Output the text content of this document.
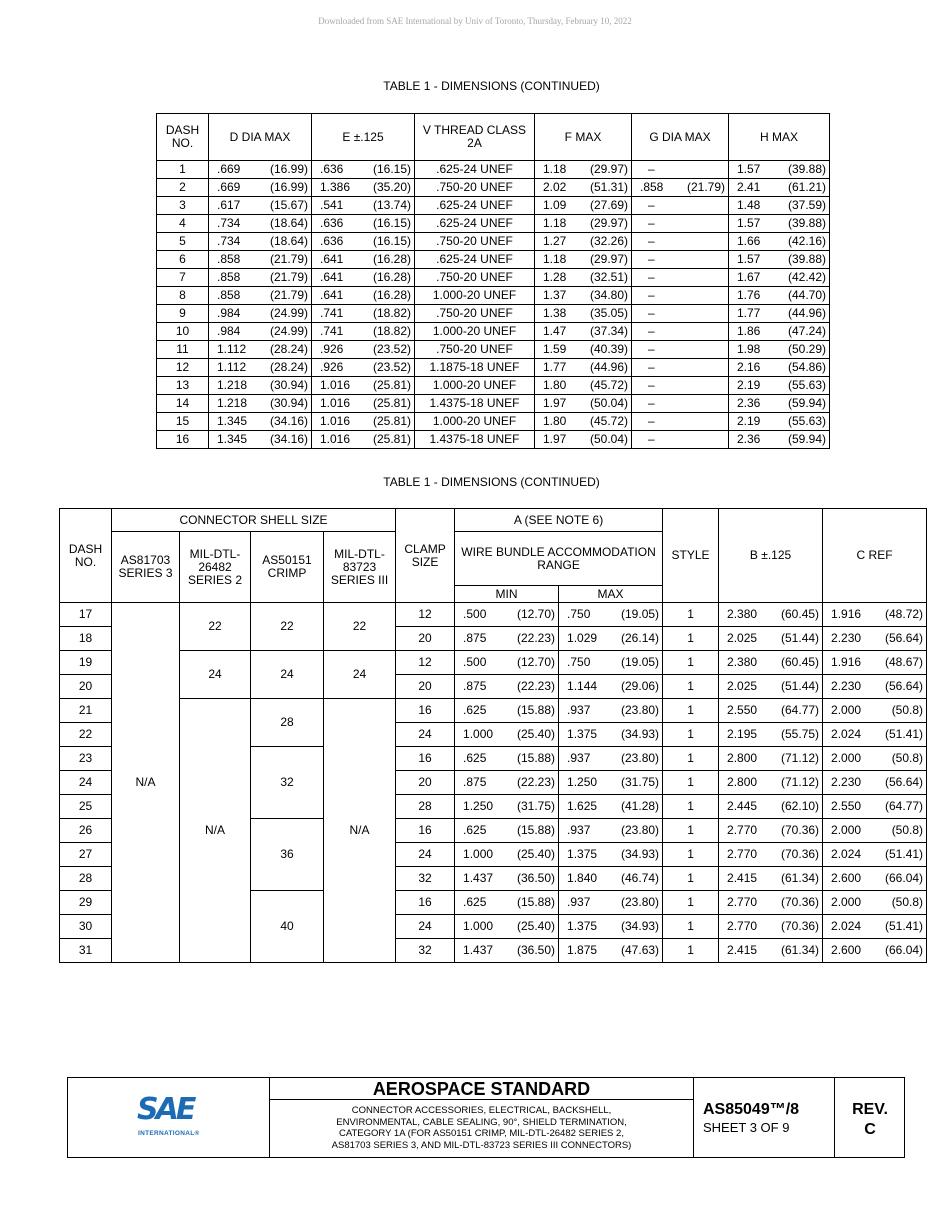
Downloaded from SAE International by Univ of Toronto, Thursday, February 10, 2022
TABLE 1 - DIMENSIONS (CONTINUED)
DASH NO.	D DIA MAX	E ±.125	V THREAD CLASS 2A	F MAX	G DIA MAX	H MAX
1	.669 (16.99)	.636 (16.15)	.625-24 UNEF	1.18 (29.97)	–	1.57 (39.88)

2	.669 (16.99)	1.386 (35.20)	.750-20 UNEF	2.02 (51.31)	.858 (21.79)	2.41 (61.21)

3	.617 (15.67)	.541 (13.74)	.625-24 UNEF	1.09 (27.69)	–	1.48 (37.59)

4	.734 (18.64)	.636 (16.15)	.625-24 UNEF	1.18 (29.97)	–	1.57 (39.88)

5	.734 (18.64)	.636 (16.15)	.750-20 UNEF	1.27 (32.26)	–	1.66 (42.16)

6	.858 (21.79)	.641 (16.28)	.625-24 UNEF	1.18 (29.97)	–	1.57 (39.88)

7	.858 (21.79)	.641 (16.28)	.750-20 UNEF	1.28 (32.51)	–	1.67 (42.42)

8	.858 (21.79)	.641 (16.28)	1.000-20 UNEF	1.37 (34.80)	–	1.76 (44.70)

9	.984 (24.99)	.741 (18.82)	.750-20 UNEF	1.38 (35.05)	–	1.77 (44.96)

10	.984 (24.99)	.741 (18.82)	1.000-20 UNEF	1.47 (37.34)	–	1.86 (47.24)

11	1.112 (28.24)	.926 (23.52)	.750-20 UNEF	1.59 (40.39)	–	1.98 (50.29)

12	1.112 (28.24)	.926 (23.52)	1.1875-18 UNEF	1.77 (44.96)	–	2.16 (54.86)

13	1.218 (30.94)	1.016 (25.81)	1.000-20 UNEF	1.80 (45.72)	–	2.19 (55.63)

14	1.218 (30.94)	1.016 (25.81)	1.4375-18 UNEF	1.97 (50.04)	–	2.36 (59.94)

15	1.345 (34.16)	1.016 (25.81)	1.000-20 UNEF	1.80 (45.72)	–	2.19 (55.63)

16	1.345 (34.16)	1.016 (25.81)	1.4375-18 UNEF	1.97 (50.04)	–	2.36 (59.94)
TABLE 1 - DIMENSIONS (CONTINUED)
DASH NO.	CONNECTOR SHELL SIZE				CLAMP SIZE	A (SEE NOTE 6)		STYLE	B ±.125	C REF
	AS81703 SERIES 3	MIL-DTL-26482 SERIES 2	AS50151 CRIMP	MIL-DTL-83723 SERIES III		WIRE BUNDLE ACCOMMODATION RANGE				
						MIN	MAX			
17	N/A	22	22	22	12	.500 (12.70)	.750 (19.05)	1	2.380 (60.45)	1.916 (48.72)

18					20	.875 (22.23)	1.029 (26.14)	1	2.025 (51.44)	2.230 (56.64)

19		24	24	24	12	.500 (12.70)	.750 (19.05)	1	2.380 (60.45)	1.916 (48.67)

20					20	.875 (22.23)	1.144 (29.06)	1	2.025 (51.44)	2.230 (56.64)

21		N/A	28	N/A	16	.625 (15.88)	.937 (23.80)	1	2.550 (64.77)	2.000 (50.8)

22					24	1.000 (25.40)	1.375 (34.93)	1	2.195 (55.75)	2.024 (51.41)

23			32		16	.625 (15.88)	.937 (23.80)	1	2.800 (71.12)	2.000 (50.8)

24					20	.875 (22.23)	1.250 (31.75)	1	2.800 (71.12)	2.230 (56.64)

25					28	1.250 (31.75)	1.625 (41.28)	1	2.445 (62.10)	2.550 (64.77)

26			36		16	.625 (15.88)	.937 (23.80)	1	2.770 (70.36)	2.000 (50.8)

27					24	1.000 (25.40)	1.375 (34.93)	1	2.770 (70.36)	2.024 (51.41)

28					32	1.437 (36.50)	1.840 (46.74)	1	2.415 (61.34)	2.600 (66.04)

29			40		16	.625 (15.88)	.937 (23.80)	1	2.770 (70.36)	2.000 (50.8)

30					24	1.000 (25.40)	1.375 (34.93)	1	2.770 (70.36)	2.024 (51.41)

31					32	1.437 (36.50)	1.875 (47.63)	1	2.415 (61.34)	2.600 (66.04)
SAE
INTERNATIONAL®
AEROSPACE STANDARD
CONNECTOR ACCESSORIES, ELECTRICAL, BACKSHELL,
ENVIRONMENTAL, CABLE SEALING, 90°, SHIELD TERMINATION,
CATEGORY 1A (FOR AS50151 CRIMP, MIL-DTL-26482 SERIES 2,
AS81703 SERIES 3, AND MIL-DTL-83723 SERIES III CONNECTORS)
AS85049™/8
SHEET 3 OF 9
REV.
C
